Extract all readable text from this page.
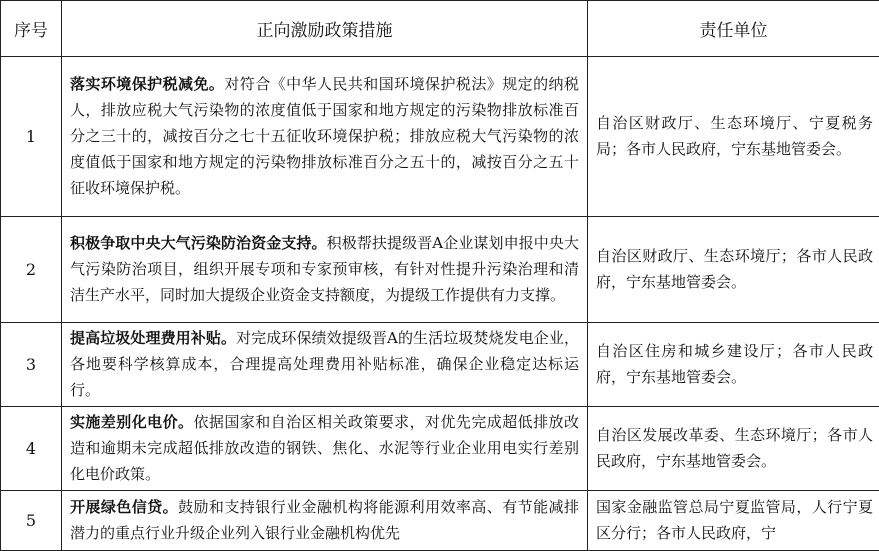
序号	正向激励政策措施	责任单位
1	落实环境保护税减免。对符合《中华人民共和国环境保护税法》规定的纳税人，排放应税大气污染物的浓度值低于国家和地方规定的污染物排放标准百分之三十的，减按百分之七十五征收环境保护税；排放应税大气污染物的浓度值低于国家和地方规定的污染物排放标准百分之五十的，减按百分之五十征收环境保护税。	自治区财政厅、生态环境厅、宁夏税务局；各市人民政府，宁东基地管委会。
2	积极争取中央大气污染防治资金支持。积极帮扶提级晋A企业谋划申报中央大气污染防治项目，组织开展专项和专家预审核，有针对性提升污染治理和清洁生产水平，同时加大提级企业资金支持额度，为提级工作提供有力支撑。	自治区财政厅、生态环境厅；各市人民政府，宁东基地管委会。
3	提高垃圾处理费用补贴。对完成环保绩效提级晋A的生活垃圾焚烧发电企业，各地要科学核算成本，合理提高处理费用补贴标准，确保企业稳定达标运行。	自治区住房和城乡建设厅；各市人民政府，宁东基地管委会。
4	实施差别化电价。依据国家和自治区相关政策要求，对优先完成超低排放改造和逾期未完成超低排放改造的钢铁、焦化、水泥等行业企业用电实行差别化电价政策。	自治区发展改革委、生态环境厅；各市人民政府，宁东基地管委会。
5	开展绿色信贷。鼓励和支持银行业金融机构将能源利用效率高、有节能减排潜力的重点行业升级企业列入银行业金融机构优先	国家金融监管总局宁夏监管局，人行宁夏区分行；各市人民政府，宁
